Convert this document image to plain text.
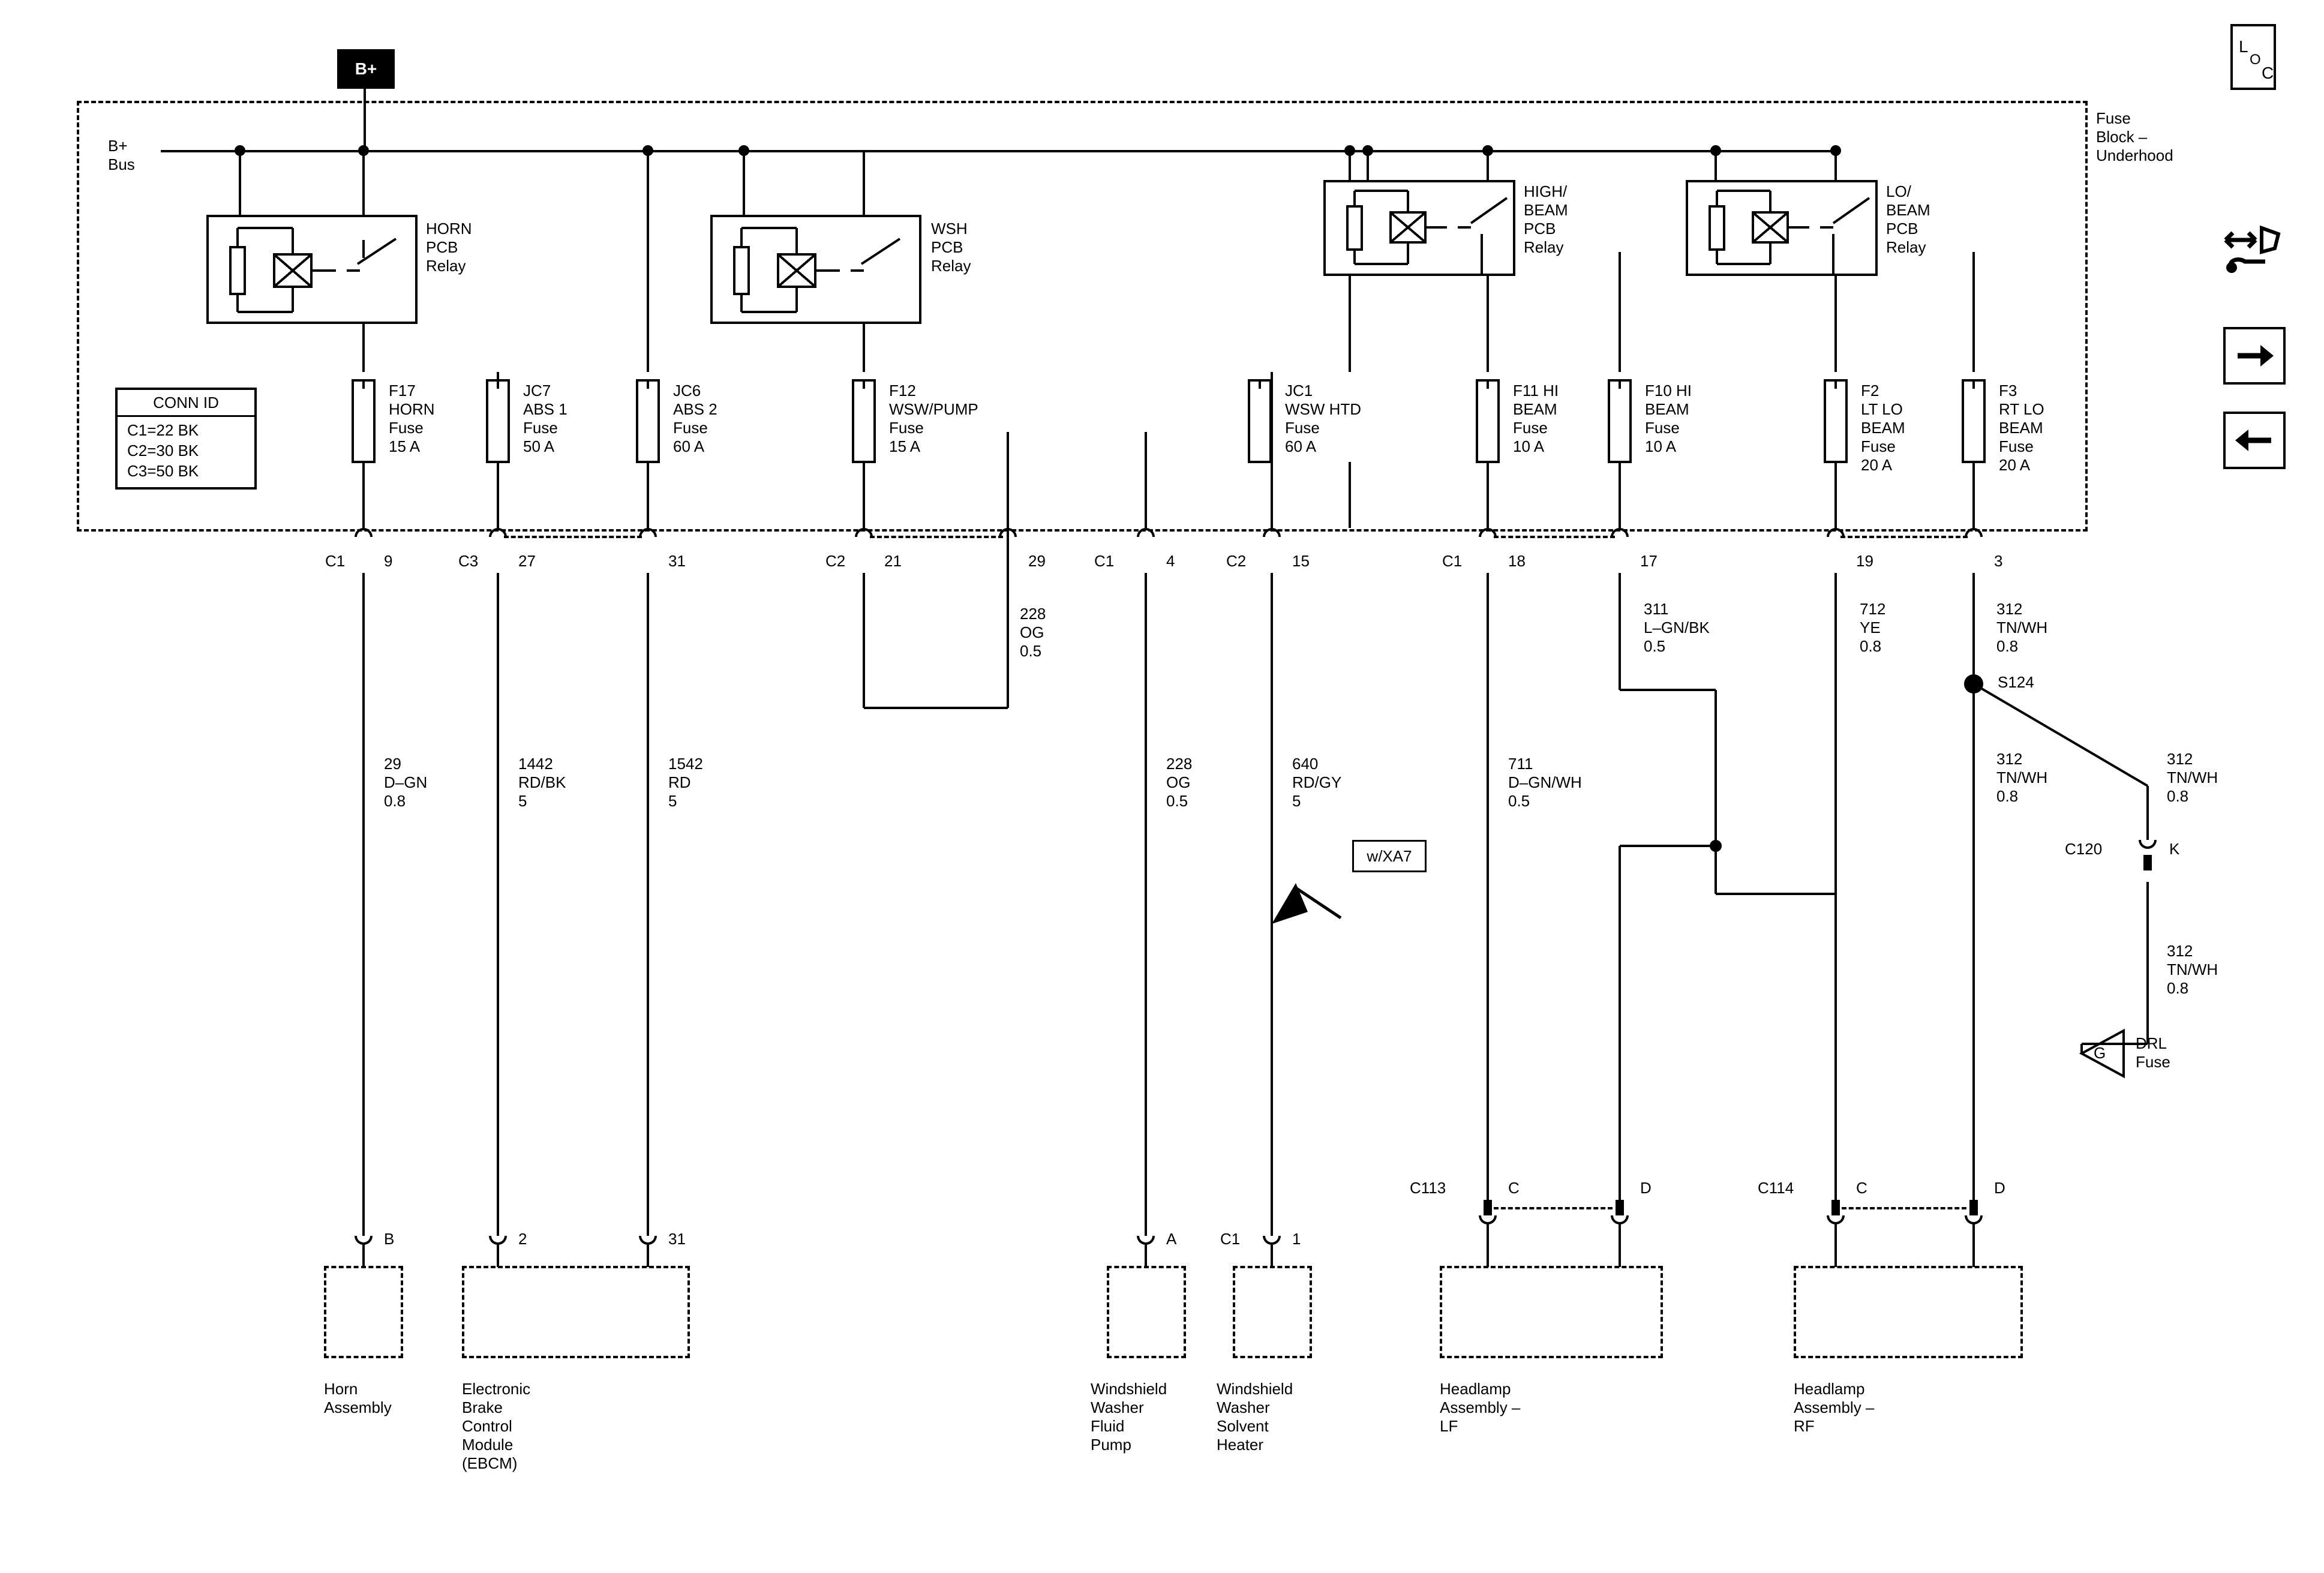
L
O
C
B+
Fuse
Block –
Underhood
B+
Bus
HORN
PCB
Relay
WSH
PCB
Relay
HIGH/
BEAM
PCB
Relay
LO/
BEAM
PCB
Relay
CONN ID
C1=22 BK
C2=30 BK
C3=50 BK
F17
HORN
Fuse
15 A
JC7
ABS 1
Fuse
50 A
JC6
ABS 2
Fuse
60 A
F12
WSW/PUMP
Fuse
15 A
JC1
WSW HTD
Fuse
60 A
F11 HI
BEAM
Fuse
10 A
F10 HI
BEAM
Fuse
10 A
F2
LT LO
BEAM
Fuse
20 A
F3
RT LO
BEAM
Fuse
20 A
C1 9	C3	27	31	C2 21	29	C1	4	C2	15	C1	18	17	19	3
228
OG
0.5
311
L–GN/BK
0.5
712
YE
0.8
312
TN/WH
0.8
S124
29
D–GN
0.8
1442
RD/BK
5
1542
RD
5
228
OG
0.5
640
RD/GY
5
711
D–GN/WH
0.5
312
TN/WH
0.8
312
TN/WH
0.8
312
TN/WH
0.8
w/XA7	C120	K
G
DRL
Fuse
B	2	31	A	C1	1
C113	C	D	C114	C	D
Horn
Assembly
Electronic
Brake
Control
Module
(EBCM)
Windshield
Washer
Fluid
Pump
Windshield
Washer
Solvent
Heater
Headlamp
Assembly –
LF
Headlamp
Assembly –
RF
